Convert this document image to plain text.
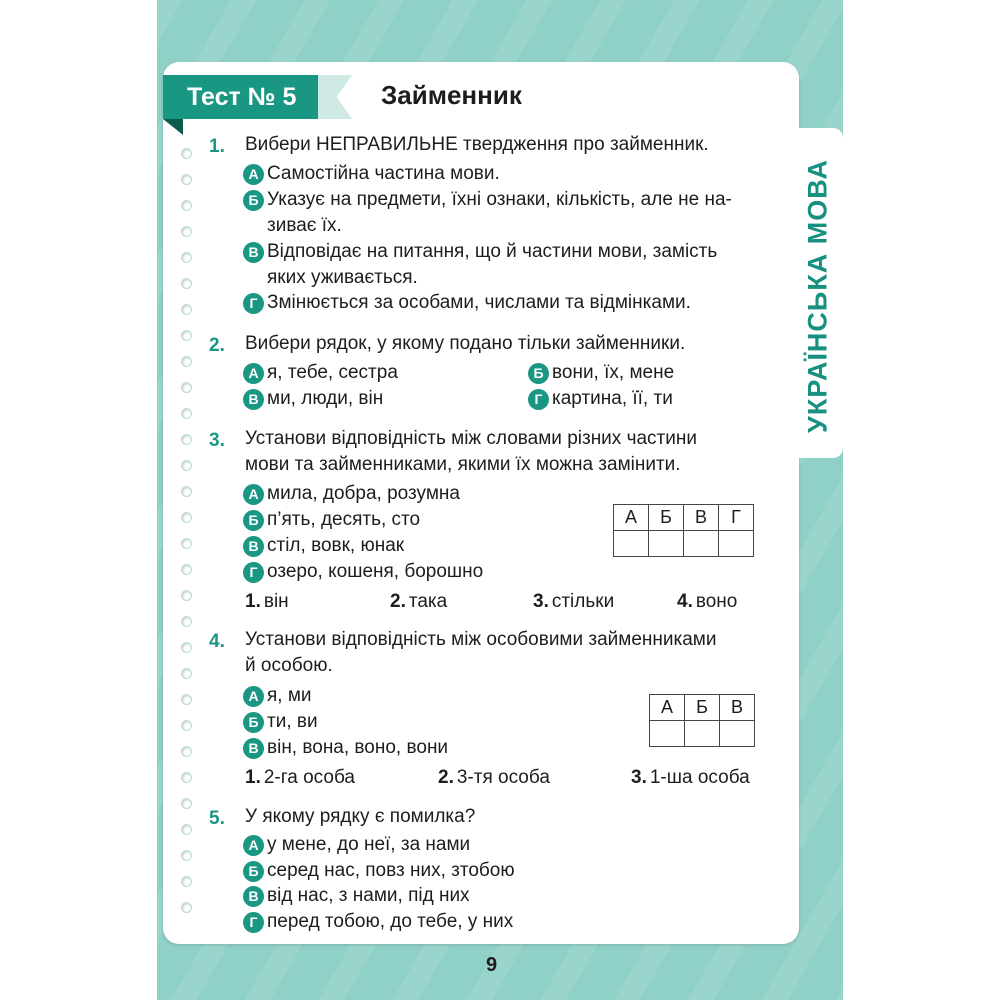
УКРАЇНСЬКА МОВА
Тест № 5	Займенник
1. Вибери НЕПРАВИЛЬНЕ твердження про займенник.
А Самостійна частина мови.
Б Указує на предмети, їхні ознаки, кількість, але не на-
зиває їх.
В Відповідає на питання, що й частини мови, замість
яких уживається.
Г Змінюється за особами, числами та відмінками.
2. Вибери рядок, у якому подано тільки займенники.
А я, тебе, сестра	Б вони, їх, мене
В ми, люди, він	Г картина, її, ти
3. Установи відповідність між словами різних частини
мови та займенниками, якими їх можна замінити.
А мила, добра, розумна
Б п’ять, десять, сто
В стіл, вовк, юнак
Г озеро, кошеня, борошно
А	Б	В	Г

1. він	2. така	3. стільки	4. воно
4. Установи відповідність між особовими займенниками
й особою.
А я, ми
Б ти, ви
В він, вона, воно, вони
А	Б	В

1. 2-га особа	2. 3-тя особа	3. 1-ша особа
5. У якому рядку є помилка?
А у мене, до неї, за нами
Б серед нас, повз них, зтобою
В від нас, з нами, під них
Г перед тобою, до тебе, у них
9
